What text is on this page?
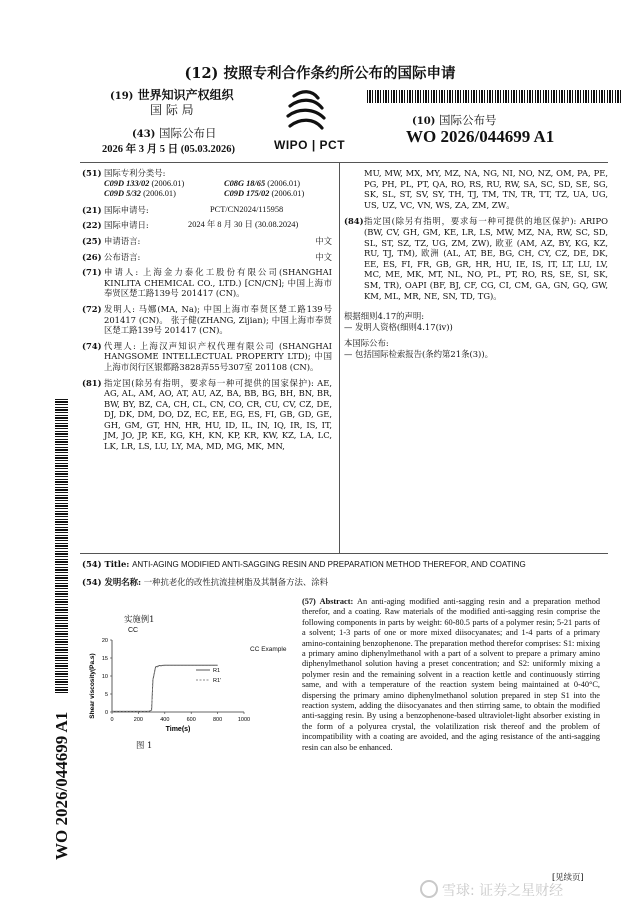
(12) 按照专利合作条约所公布的国际申请
(19) 世界知识产权组织
国 际 局
(43) 国际公布日
2026 年 3 月 5 日 (05.03.2026)	WIPO | PCT
(10) 国际公布号
WO 2026/044699 A1
(51) 国际专利分类号:
C09D 133/02 (2006.01)	C08G 18/65 (2006.01)
C09D 5/32 (2006.01)	C09D 175/02 (2006.01)
(21) 国际申请号:	PCT/CN2024/115958
(22) 国际申请日:	2024 年 8 月 30 日 (30.08.2024)
(25) 申请语言:	中文
(26) 公布语言:	中文
(71) 申请人: 上海金力泰化工股份有限公司(SHANGHAI KINLITA CHEMICAL CO., LTD.) [CN/CN]; 中国上海市奉贤区楚工路139号 201417 (CN)。
(72) 发明人: 马娜(MA, Na); 中国上海市奉贤区楚工路139号 201417 (CN)。 张子健(ZHANG, Zijian); 中国上海市奉贤区楚工路139号 201417 (CN)。
(74) 代理人: 上海汉声知识产权代理有限公司 (SHANGHAI HANGSOME INTELLECTUAL PROPERTY LTD); 中国上海市闵行区银都路3828弄55号307室 201108 (CN)。
(81) 指定国(除另有指明，要求每一种可提供的国家保护): AE, AG, AL, AM, AO, AT, AU, AZ, BA, BB, BG, BH, BN, BR, BW, BY, BZ, CA, CH, CL, CN, CO, CR, CU, CV, CZ, DE, DJ, DK, DM, DO, DZ, EC, EE, EG, ES, FI, GB, GD, GE, GH, GM, GT, HN, HR, HU, ID, IL, IN, IQ, IR, IS, IT, JM, JO, JP, KE, KG, KH, KN, KP, KR, KW, KZ, LA, LC, LK, LR, LS, LU, LY, MA, MD, MG, MK, MN,
MU, MW, MX, MY, MZ, NA, NG, NI, NO, NZ, OM, PA, PE, PG, PH, PL, PT, QA, RO, RS, RU, RW, SA, SC, SD, SE, SG, SK, SL, ST, SV, SY, TH, TJ, TM, TN, TR, TT, TZ, UA, UG, US, UZ, VC, VN, WS, ZA, ZM, ZW。
(84) 指定国(除另有指明，要求每一种可提供的地区保护): ARIPO (BW, CV, GH, GM, KE, LR, LS, MW, MZ, NA, RW, SC, SD, SL, ST, SZ, TZ, UG, ZM, ZW), 欧亚 (AM, AZ, BY, KG, KZ, RU, TJ, TM), 欧洲 (AL, AT, BE, BG, CH, CY, CZ, DE, DK, EE, ES, FI, FR, GB, GR, HR, HU, IE, IS, IT, LT, LU, LV, MC, ME, MK, MT, NL, NO, PL, PT, RO, RS, SE, SI, SK, SM, TR), OAPI (BF, BJ, CF, CG, CI, CM, GA, GN, GQ, GW, KM, ML, MR, NE, SN, TD, TG)。
根据细则4.17的声明:
— 发明人资格(细则4.17(iv))
本国际公布:
— 包括国际检索报告(条约第21条(3))。
(54) Title: ANTI-AGING MODIFIED ANTI-SAGGING RESIN AND PREPARATION METHOD THEREFOR, AND COATING
(54) 发明名称: 一种抗老化的改性抗流挂树脂及其制备方法、涂料
0	200	400	600	800	1000
0
5
10
15
20
Time(s)
Shear viscosity(Pa.s)	R1
R1'
实施例1
CC
CC Example
图 1
(57) Abstract: An anti-aging modified anti-sagging resin and a preparation method therefor, and a coating. Raw materials of the modified anti-sagging resin comprise the following components in parts by weight: 60-80.5 parts of a polymer resin; 5-21 parts of a solvent; 1-3 parts of one or more mixed diisocyanates; and 1-4 parts of a primary amino-containing benzophenone. The preparation method therefor comprises: S1: mixing a primary amino diphenylmethanol with a part of a solvent to prepare a primary amino diphenylmethanol solution having a preset concentration; and S2: uniformly mixing a polymer resin and the remaining solvent in a reaction kettle and continuously stirring same, and with a temperature of the reaction system being maintained at 0-40°C, dispersing the primary amino diphenylmethanol solution prepared in step S1 into the reaction system, adding the diisocyanates and then stirring same, to obtain the modified anti-sagging resin. By using a benzophenone-based ultraviolet-light absorber existing in the form of a polyurea crystal, the volatilization risk thereof and the problem of incompatibility with a coating are avoided, and the aging resistance of the anti-sagging resin can also be enhanced.
WO 2026/044699 A1
[见续页]
雪球: 证券之星财经
